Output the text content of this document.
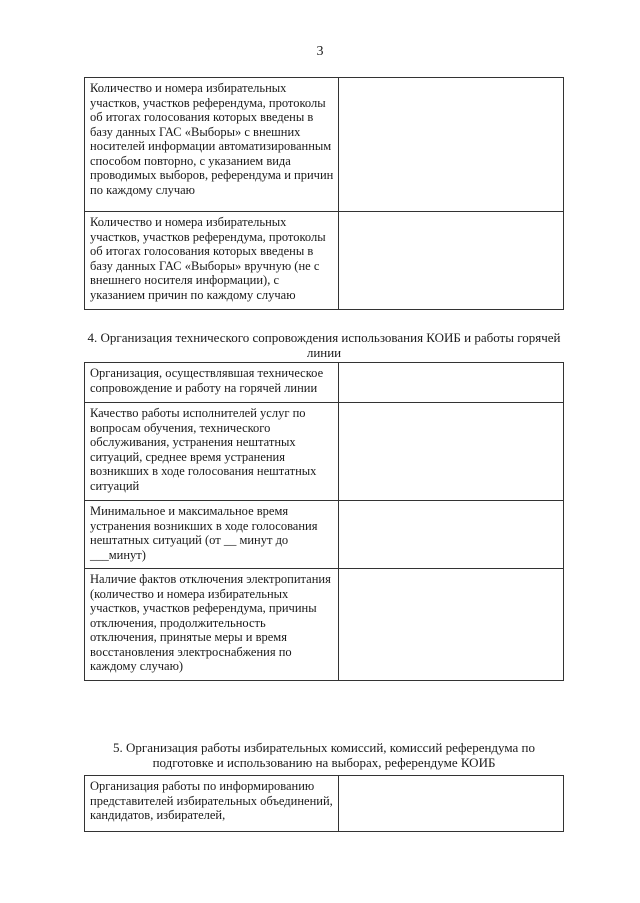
3
Количество и номера избирательных участков, участков референдума, протоколы об итогах голосования которых введены в базу данных ГАС «Выборы» с внешних носителей информации автоматизированным способом повторно, с указанием вида проводимых выборов, референдума и причин по каждому случаю	
Количество и номера избирательных участков, участков референдума, протоколы об итогах голосования которых введены в базу данных ГАС «Выборы» вручную (не с внешнего носителя информации), с указанием причин по каждому случаю	
4. Организация технического сопровождения использования КОИБ и работы горячей линии
Организация, осуществлявшая техническое сопровождение и работу на горячей линии	
Качество работы исполнителей услуг по вопросам обучения, технического обслуживания, устранения нештатных ситуаций, среднее время устранения возникших в ходе голосования нештатных ситуаций	
Минимальное и максимальное время устранения возникших в ходе голосования нештатных ситуаций (от __ минут до ___минут)	
Наличие фактов отключения электропитания (количество и номера избирательных участков, участков референдума, причины отключения, продолжительность отключения, принятые меры и время восстановления электроснабжения по каждому случаю)	
5. Организация работы избирательных комиссий, комиссий референдума по подготовке и использованию на выборах, референдуме КОИБ
Организация работы по информированию представителей избирательных объединений, кандидатов, избирателей,	
